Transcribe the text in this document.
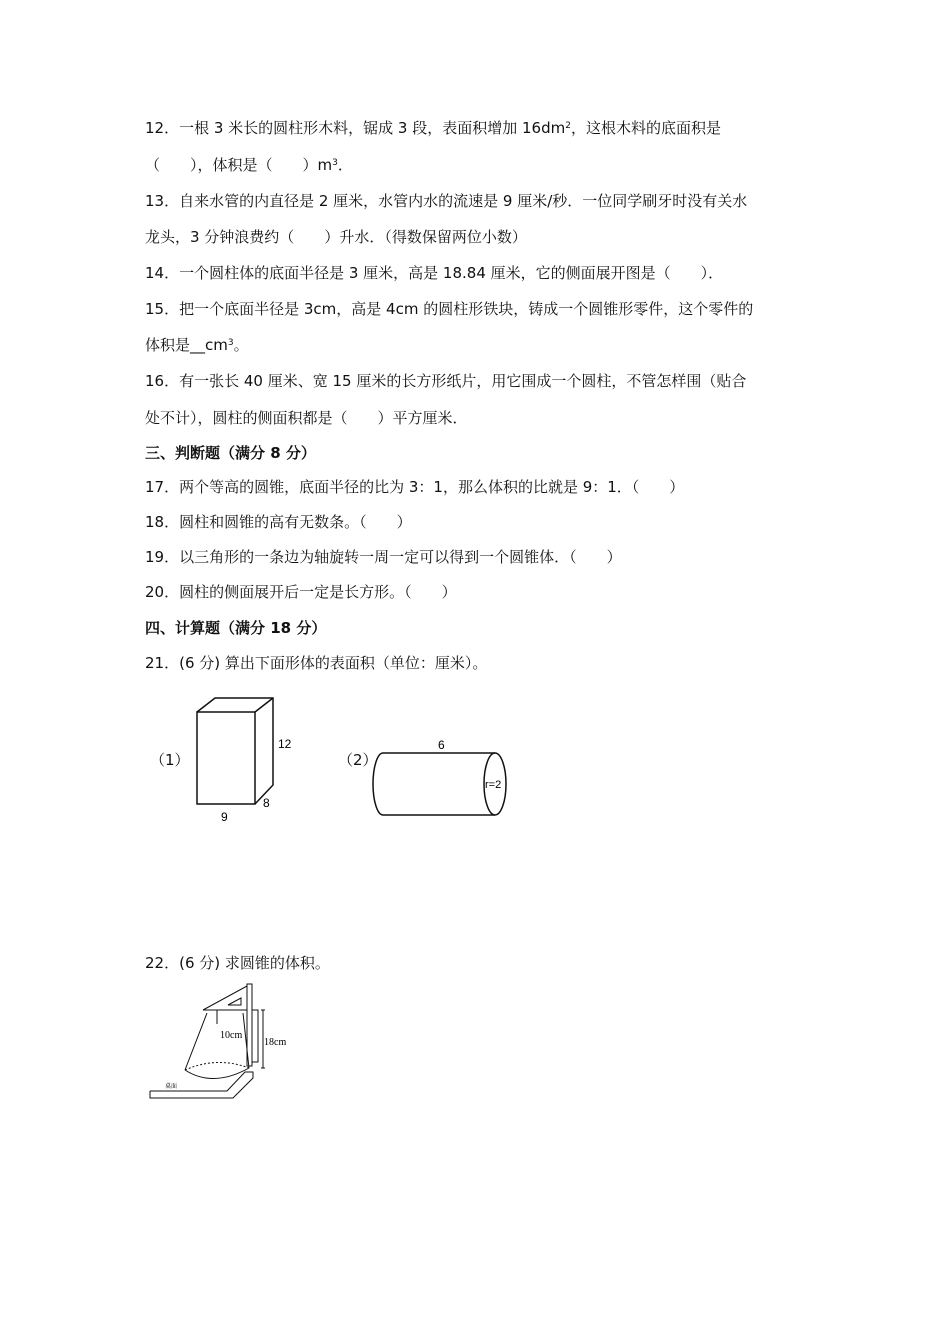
12．一根 3 米长的圆柱形木料，锯成 3 段，表面积增加 $16dm^2$，这根木料的底面积是
（　　），体积是（　　）$m^3$．
13．自来水管的内直径是 2 厘米，水管内水的流速是 9 厘米/秒．一位同学刷牙时没有关水
龙头，3 分钟浪费约（　　）升水．（得数保留两位小数）
14．一个圆柱体的底面半径是 3 厘米，高是 18.84 厘米，它的侧面展开图是（　　）．
15．把一个底面半径是 3cm，高是 4cm 的圆柱形铁块，铸成一个圆锥形零件，这个零件的
体积是$\_\_cm^3$。
16．有一张长 40 厘米、宽 15 厘米的长方形纸片，用它围成一个圆柱，不管怎样围（贴合
处不计），圆柱的侧面积都是（　　）平方厘米．
三、判断题（满分 8 分）
17．两个等高的圆锥，底面半径的比为 3：1，那么体积的比就是 9：1．（　　）
18．圆柱和圆锥的高有无数条。（　　）
19．以三角形的一条边为轴旋转一周一定可以得到一个圆锥体．（　　）
20．圆柱的侧面展开后一定是长方形。（　　）
四、计算题（满分 18 分）
21．(6 分) 算出下面形体的表面积（单位：厘米）。
（1）
12
9
8
（2）
6
r=2
22．(6 分) 求圆锥的体积。
10cm
18cm
桌面
